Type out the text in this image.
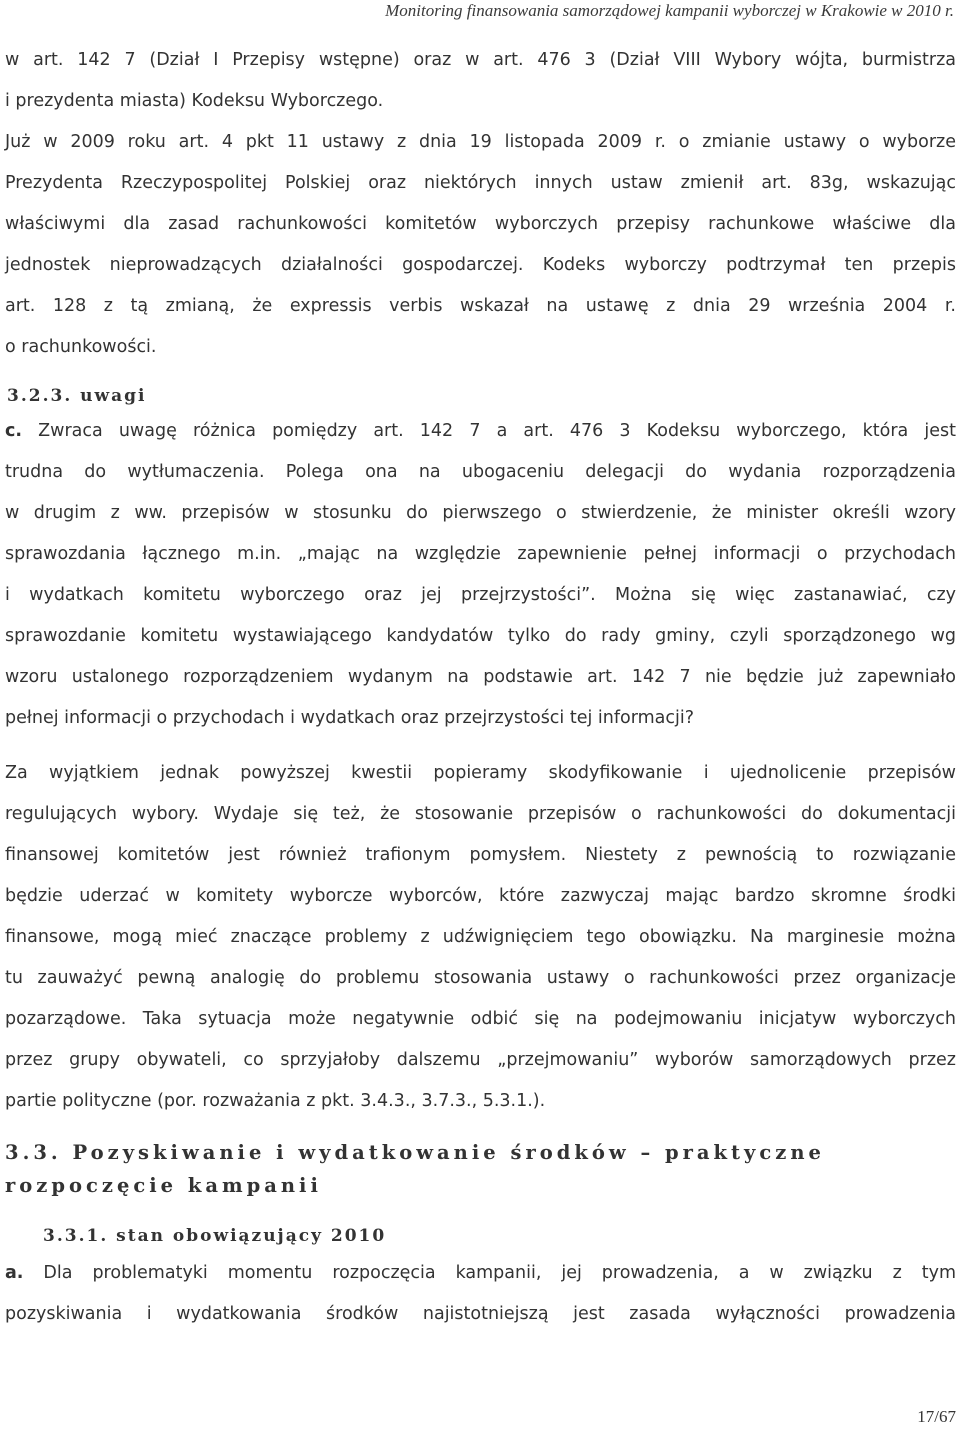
Monitoring finansowania samorządowej kampanii wyborczej w Krakowie w 2010 r.
w art. 142 7 (Dział I Przepisy wstępne) oraz w art. 476 3 (Dział VIII Wybory wójta, burmistrza
i prezydenta miasta) Kodeksu Wyborczego.
Już w 2009 roku art. 4 pkt 11 ustawy z dnia 19 listopada 2009 r. o zmianie ustawy o wyborze
Prezydenta Rzeczypospolitej Polskiej oraz niektórych innych ustaw zmienił art. 83g, wskazując
właściwymi dla zasad rachunkowości komitetów wyborczych przepisy rachunkowe właściwe dla
jednostek nieprowadzących działalności gospodarczej. Kodeks wyborczy podtrzymał ten przepis
art. 128 z tą zmianą, że expressis verbis wskazał na ustawę z dnia 29 września 2004 r.
o rachunkowości.
3.2.3. uwagi
c. Zwraca uwagę różnica pomiędzy art. 142 7 a art. 476 3 Kodeksu wyborczego, która jest
trudna do wytłumaczenia. Polega ona na ubogaceniu delegacji do wydania rozporządzenia
w drugim z ww. przepisów w stosunku do pierwszego o stwierdzenie, że minister określi wzory
sprawozdania łącznego m.in. „mając na względzie zapewnienie pełnej informacji o przychodach
i wydatkach komitetu wyborczego oraz jej przejrzystości”. Można się więc zastanawiać, czy
sprawozdanie komitetu wystawiającego kandydatów tylko do rady gminy, czyli sporządzonego wg
wzoru ustalonego rozporządzeniem wydanym na podstawie art. 142 7 nie będzie już zapewniało
pełnej informacji o przychodach i wydatkach oraz przejrzystości tej informacji?
Za wyjątkiem jednak powyższej kwestii popieramy skodyfikowanie i ujednolicenie przepisów
regulujących wybory. Wydaje się też, że stosowanie przepisów o rachunkowości do dokumentacji
finansowej komitetów jest również trafionym pomysłem. Niestety z pewnością to rozwiązanie
będzie uderzać w komitety wyborcze wyborców, które zazwyczaj mając bardzo skromne środki
finansowe, mogą mieć znaczące problemy z udźwignięciem tego obowiązku. Na marginesie można
tu zauważyć pewną analogię do problemu stosowania ustawy o rachunkowości przez organizacje
pozarządowe. Taka sytuacja może negatywnie odbić się na podejmowaniu inicjatyw wyborczych
przez grupy obywateli, co sprzyjałoby dalszemu „przejmowaniu” wyborów samorządowych przez
partie polityczne (por. rozważania z pkt. 3.4.3., 3.7.3., 5.3.1.).
3.3. Pozyskiwanie i wydatkowanie środków – praktyczne
rozpoczęcie kampanii
3.3.1. stan obowiązujący 2010
a. Dla problematyki momentu rozpoczęcia kampanii, jej prowadzenia, a w związku z tym
pozyskiwania i wydatkowania środków najistotniejszą jest zasada wyłączności prowadzenia
17/67
